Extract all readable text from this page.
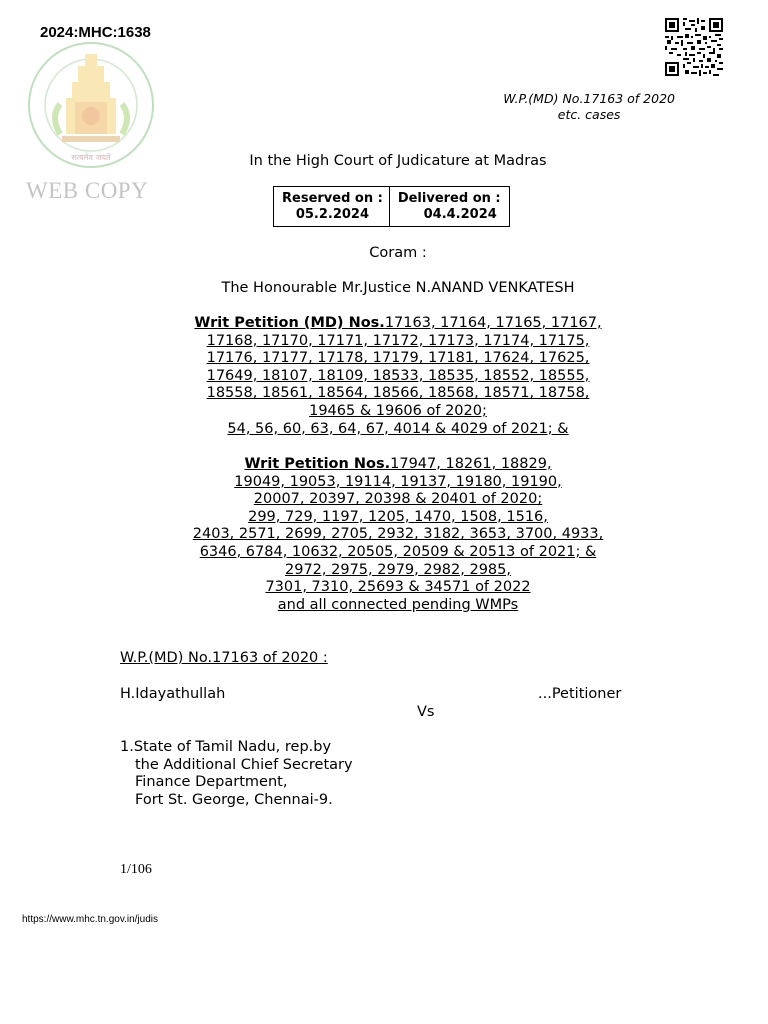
2024:MHC:1638
सत्यमेव जयते
WEB COPY
W.P.(MD) No.17163 of 2020
etc. cases
In the High Court of Judicature at Madras
Reserved on :
05.2.2024
Delivered on :
04.4.2024
Coram :
The Honourable Mr.Justice N.ANAND VENKATESH
Writ Petition (MD) Nos.17163, 17164, 17165, 17167,
17168, 17170, 17171, 17172, 17173, 17174, 17175,
17176, 17177, 17178, 17179, 17181, 17624, 17625,
17649, 18107, 18109, 18533, 18535, 18552, 18555,
18558, 18561, 18564, 18566, 18568, 18571, 18758,
19465 & 19606 of 2020;
54, 56, 60, 63, 64, 67, 4014 & 4029 of 2021; &
Writ Petition Nos.17947, 18261, 18829,
19049, 19053, 19114, 19137, 19180, 19190,
20007, 20397, 20398 & 20401 of 2020;
299, 729, 1197, 1205, 1470, 1508, 1516,
2403, 2571, 2699, 2705, 2932, 3182, 3653, 3700, 4933,
6346, 6784, 10632, 20505, 20509 & 20513 of 2021; &
2972, 2975, 2979, 2982, 2985,
7301, 7310, 25693 & 34571 of 2022
and all connected pending WMPs
W.P.(MD) No.17163 of 2020 :
H.Idayathullah	...Petitioner
Vs
1.State of Tamil Nadu, rep.by
the Additional Chief Secretary
Finance Department,
Fort St. George, Chennai-9.
1/106
https://www.mhc.tn.gov.in/judis
